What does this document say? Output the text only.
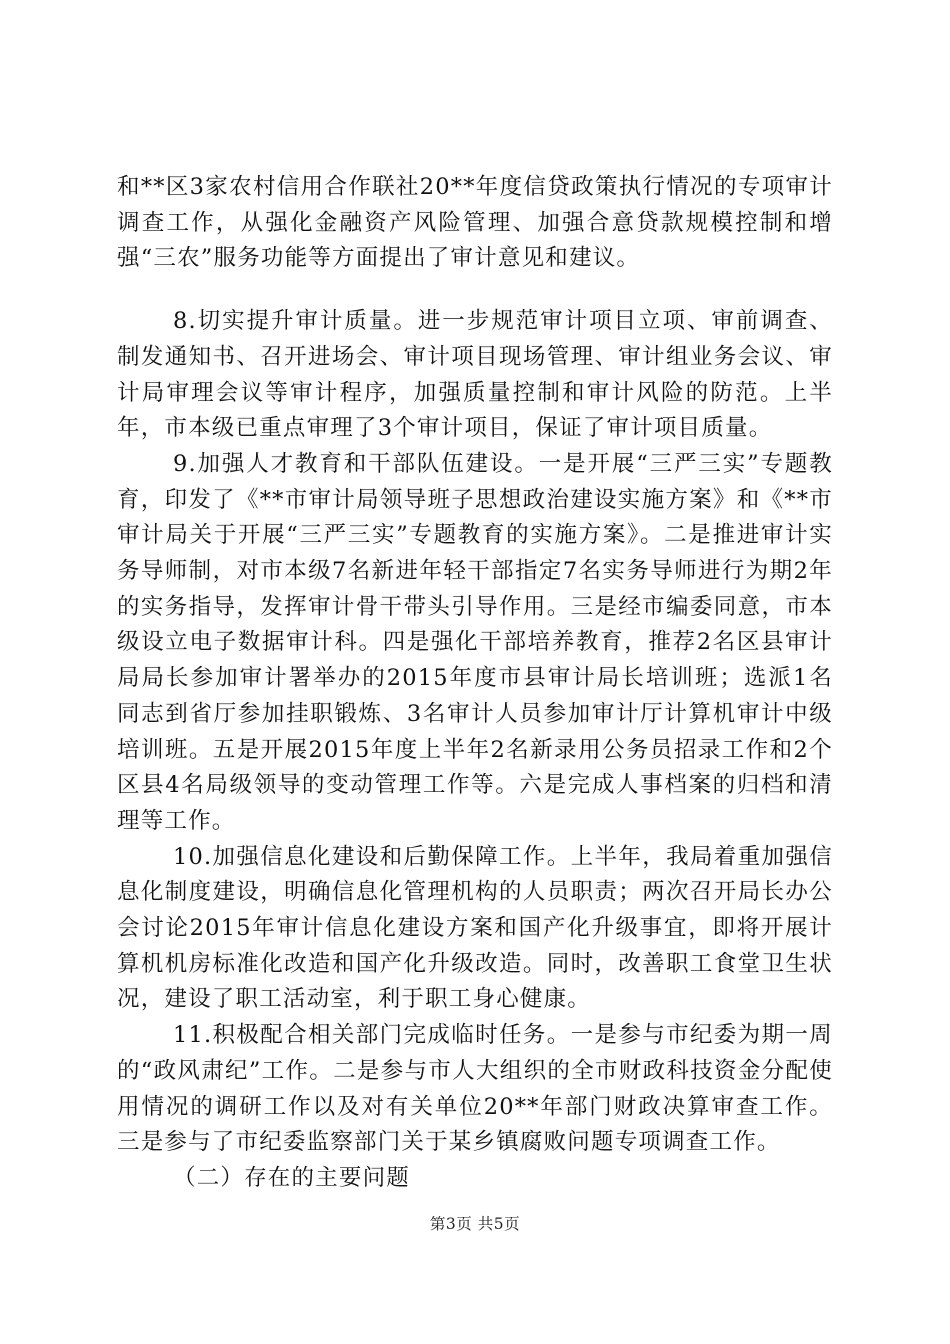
和**区3家农村信用合作联社20**年度信贷政策执行情况的专项审计调查工作，从强化金融资产风险管理、加强合意贷款规模控制和增强“三农”服务功能等方面提出了审计意见和建议。

8.切实提升审计质量。进一步规范审计项目立项、审前调查、制发通知书、召开进场会、审计项目现场管理、审计组业务会议、审计局审理会议等审计程序，加强质量控制和审计风险的防范。上半年，市本级已重点审理了3个审计项目，保证了审计项目质量。

9.加强人才教育和干部队伍建设。一是开展“三严三实”专题教育，印发了《**市审计局领导班子思想政治建设实施方案》和《**市审计局关于开展“三严三实”专题教育的实施方案》。二是推进审计实务导师制，对市本级7名新进年轻干部指定7名实务导师进行为期2年的实务指导，发挥审计骨干带头引导作用。三是经市编委同意，市本级设立电子数据审计科。四是强化干部培养教育，推荐2名区县审计局局长参加审计署举办的2015年度市县审计局长培训班；选派1名同志到省厅参加挂职锻炼、3名审计人员参加审计厅计算机审计中级培训班。五是开展2015年度上半年2名新录用公务员招录工作和2个区县4名局级领导的变动管理工作等。六是完成人事档案的归档和清理等工作。

10.加强信息化建设和后勤保障工作。上半年，我局着重加强信息化制度建设，明确信息化管理机构的人员职责；两次召开局长办公会讨论2015年审计信息化建设方案和国产化升级事宜，即将开展计算机机房标准化改造和国产化升级改造。同时，改善职工食堂卫生状况，建设了职工活动室，利于职工身心健康。

11.积极配合相关部门完成临时任务。一是参与市纪委为期一周的“政风肃纪”工作。二是参与市人大组织的全市财政科技资金分配使用情况的调研工作以及对有关单位20**年部门财政决算审查工作。三是参与了市纪委监察部门关于某乡镇腐败问题专项调查工作。

（二）存在的主要问题

第3页 共5页
